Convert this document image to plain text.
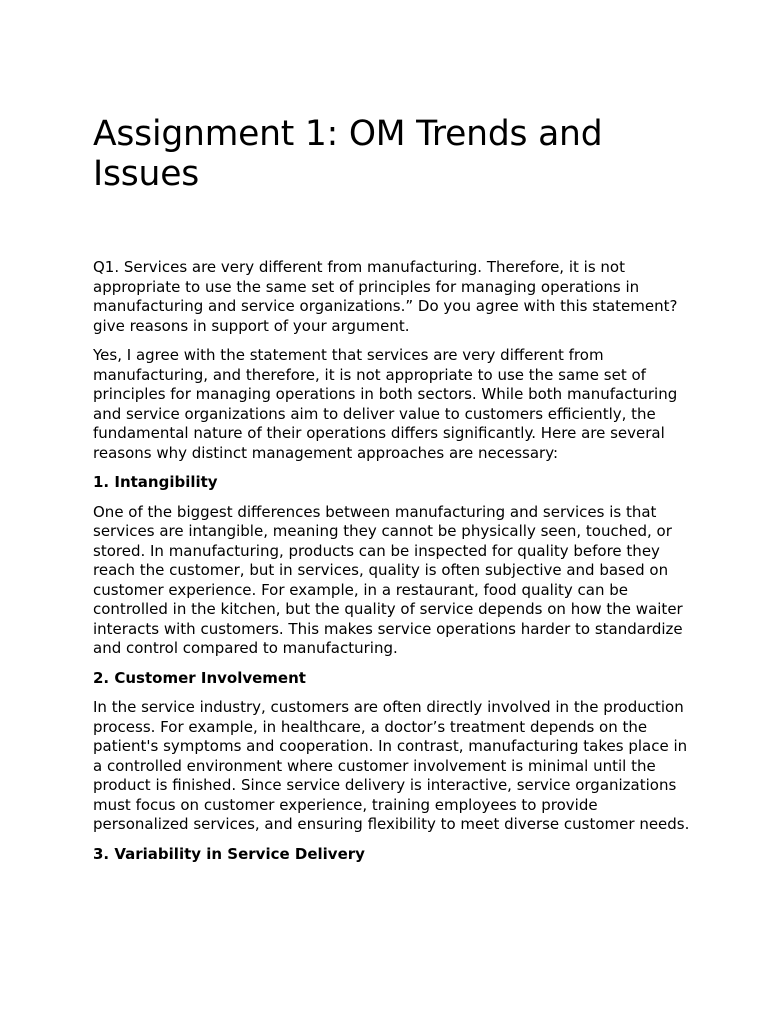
Assignment 1: OM Trends and
Issues

Q1. Services are very different from manufacturing. Therefore, it is not appropriate to use the same set of principles for managing operations in manufacturing and service organizations.” Do you agree with this statement? give reasons in support of your argument.

Yes, I agree with the statement that services are very different from manufacturing, and therefore, it is not appropriate to use the same set of principles for managing operations in both sectors. While both manufacturing and service organizations aim to deliver value to customers efficiently, the fundamental nature of their operations differs significantly. Here are several reasons why distinct management approaches are necessary:

1. Intangibility

One of the biggest differences between manufacturing and services is that services are intangible, meaning they cannot be physically seen, touched, or stored. In manufacturing, products can be inspected for quality before they reach the customer, but in services, quality is often subjective and based on customer experience. For example, in a restaurant, food quality can be controlled in the kitchen, but the quality of service depends on how the waiter interacts with customers. This makes service operations harder to standardize and control compared to manufacturing.

2. Customer Involvement

In the service industry, customers are often directly involved in the production process. For example, in healthcare, a doctor’s treatment depends on the patient's symptoms and cooperation. In contrast, manufacturing takes place in a controlled environment where customer involvement is minimal until the product is finished. Since service delivery is interactive, service organizations must focus on customer experience, training employees to provide personalized services, and ensuring flexibility to meet diverse customer needs.

3. Variability in Service Delivery
